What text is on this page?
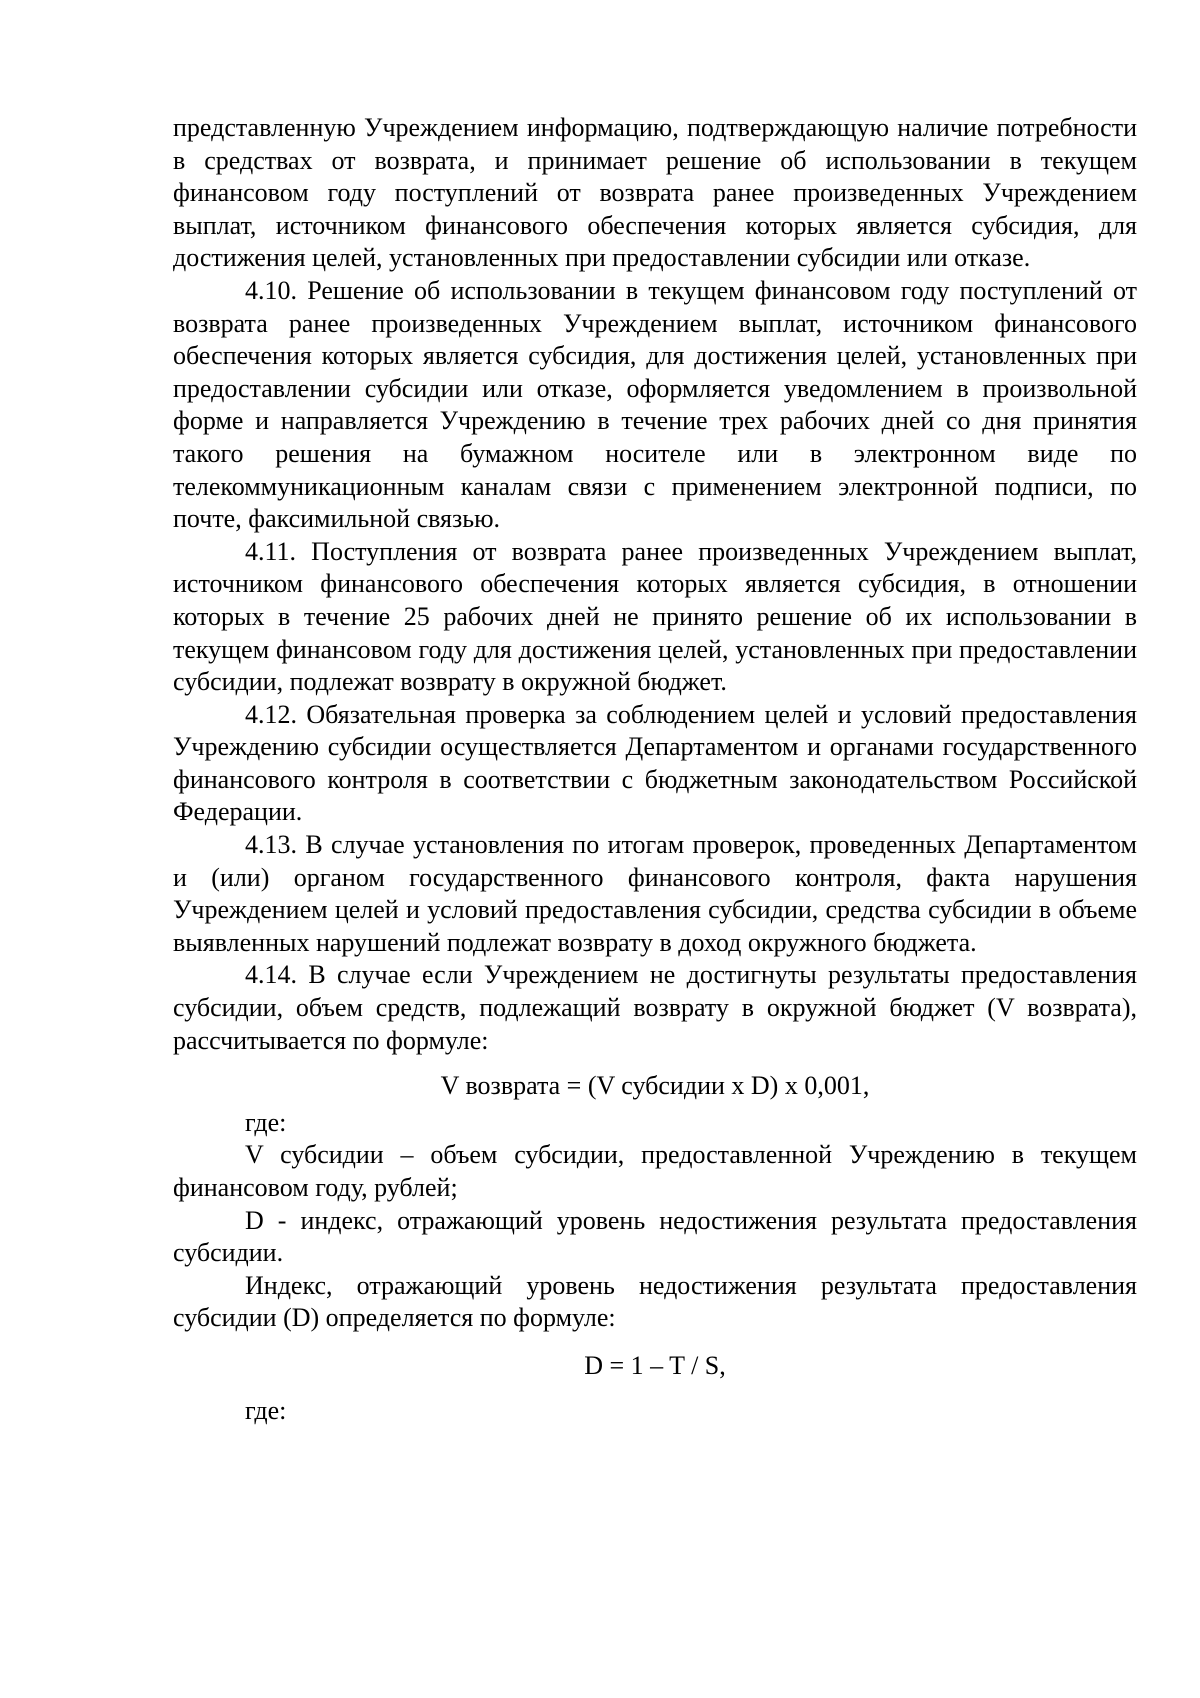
представленную Учреждением информацию, подтверждающую наличие потребности в средствах от возврата, и принимает решение об использовании в текущем финансовом году поступлений от возврата ранее произведенных Учреждением выплат, источником финансового обеспечения которых является субсидия, для достижения целей, установленных при предоставлении субсидии или отказе.

4.10. Решение об использовании в текущем финансовом году поступлений от возврата ранее произведенных Учреждением выплат, источником финансового обеспечения которых является субсидия, для достижения целей, установленных при предоставлении субсидии или отказе, оформляется уведомлением в произвольной форме и направляется Учреждению в течение трех рабочих дней со дня принятия такого решения на бумажном носителе или в электронном виде по телекоммуникационным каналам связи с применением электронной подписи, по почте, факсимильной связью.

4.11. Поступления от возврата ранее произведенных Учреждением выплат, источником финансового обеспечения которых является субсидия, в отношении которых в течение 25 рабочих дней не принято решение об их использовании в текущем финансовом году для достижения целей, установленных при предоставлении субсидии, подлежат возврату в окружной бюджет.

4.12. Обязательная проверка за соблюдением целей и условий предоставления Учреждению субсидии осуществляется Департаментом и органами государственного финансового контроля в соответствии с бюджетным законодательством Российской Федерации.

4.13. В случае установления по итогам проверок, проведенных Департаментом и (или) органом государственного финансового контроля, факта нарушения Учреждением целей и условий предоставления субсидии, средства субсидии в объеме выявленных нарушений подлежат возврату в доход окружного бюджета.

4.14. В случае если Учреждением не достигнуты результаты предоставления субсидии, объем средств, подлежащий возврату в окружной бюджет (V возврата), рассчитывается по формуле:

V возврата = (V субсидии x D) x 0,001,

где:

V субсидии – объем субсидии, предоставленной Учреждению в текущем финансовом году, рублей;

D - индекс, отражающий уровень недостижения результата предоставления субсидии.

Индекс, отражающий уровень недостижения результата предоставления субсидии (D) определяется по формуле:

D = 1 – T / S,

где:
